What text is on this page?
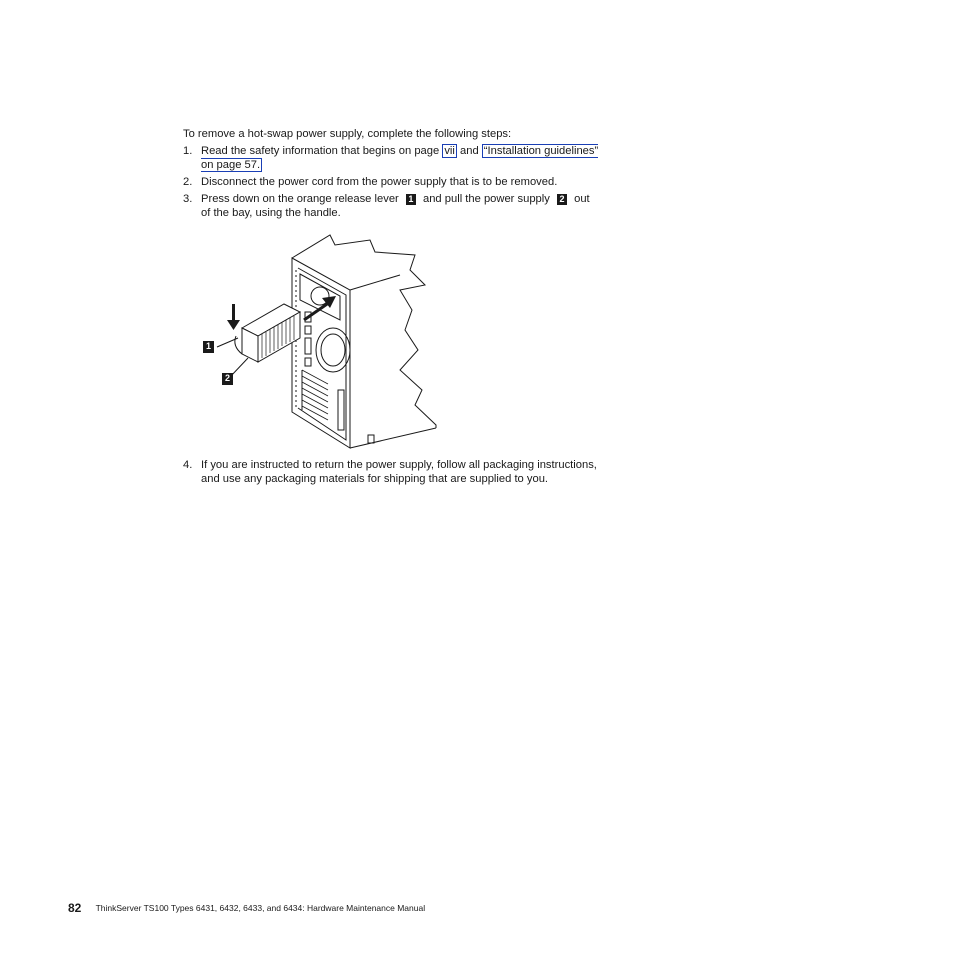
To remove a hot-swap power supply, complete the following steps:
1. Read the safety information that begins on page vii and “Installation guidelines”
on page 57.
2. Disconnect the power cord from the power supply that is to be removed.
3. Press down on the orange release lever 1 and pull the power supply 2 out
of the bay, using the handle.
1
2
4. If you are instructed to return the power supply, follow all packaging instructions,
and use any packaging materials for shipping that are supplied to you.
82 ThinkServer TS100 Types 6431, 6432, 6433, and 6434: Hardware Maintenance Manual
